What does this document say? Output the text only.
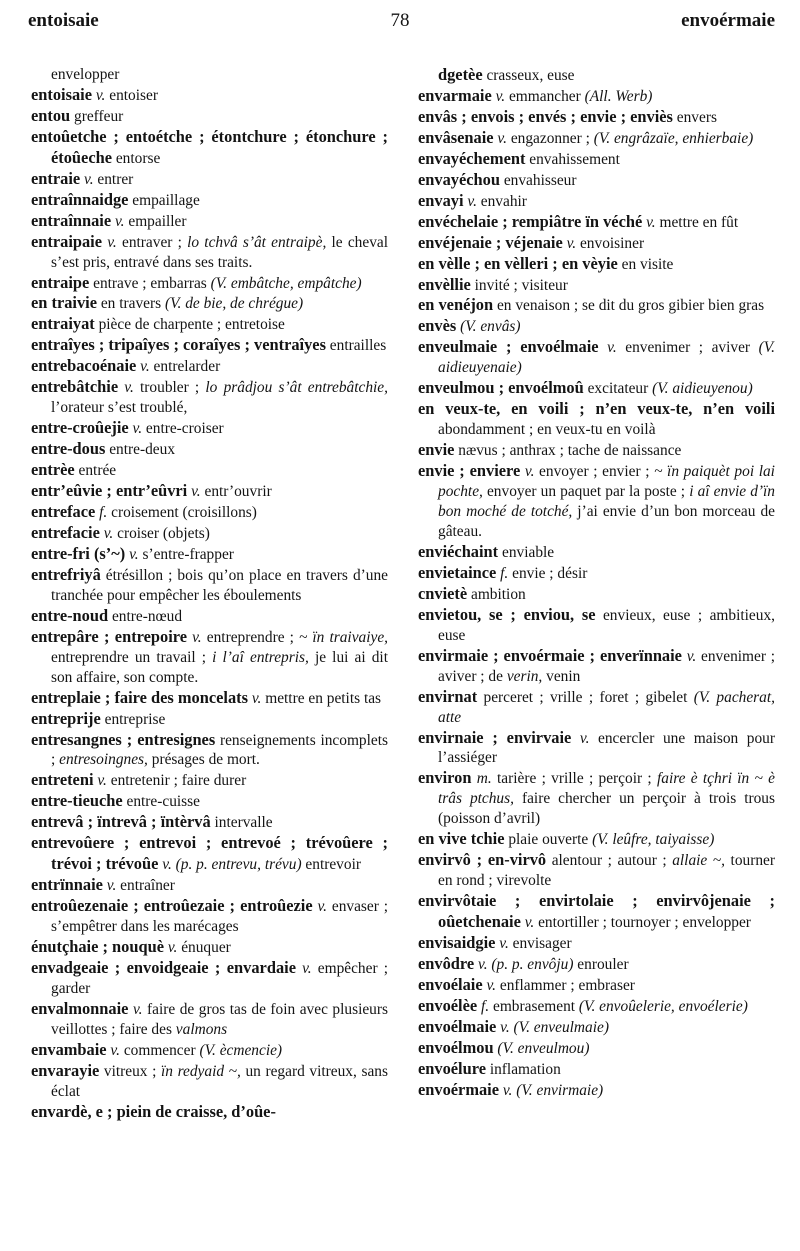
entoisaie	78	envoérmaie

envelopper

entoisaie v. entoiser

entou greffeur

entoûetche ; entoétche ; étontchure ; étonchure ; étoûeche entorse

entraie v. entrer

entraînnaidge empaillage

entraînnaie v. empailler

entraipaie v. entraver ; lo tchvâ s’ât entraipè, le cheval s’est pris, entravé dans ses traits.

entraipe entrave ; embarras (V. embâtche, empâtche)

en traivie en travers (V. de bie, de chrégue)

entraiyat pièce de charpente ; entretoise

entraîyes ; tripaîyes ; coraîyes ; ventraîyes entrailles

entrebacoénaie v. entrelarder

entrebâtchie v. troubler ; lo prâdjou s’ât entrebâtchie, l’orateur s’est troublé,

entre-croûejie v. entre-croiser

entre-dous entre-deux

entrèe entrée

entr’eûvie ; entr’eûvri v. entr’ouvrir

entreface f. croisement (croisillons)

entrefacie v. croiser (objets)

entre-fri (s’~) v. s’entre-frapper

entrefriyâ étrésillon ; bois qu’on place en travers d’une tranchée pour empêcher les éboulements

entre-noud entre-nœud

entrepâre ; entrepoire v. entreprendre ; ~ ïn traivaiye, entreprendre un travail ; i l’aî entrepris, je lui ai dit son affaire, son compte.

entreplaie ; faire des moncelats v. mettre en petits tas

entreprije entreprise

entresangnes ; entresignes renseignements incomplets ; entresoingnes, présages de mort.

entreteni v. entretenir ; faire durer

entre-tieuche entre-cuisse

entrevâ ; ïntrevâ ; ïntèrvâ intervalle

entrevoûere ; entrevoi ; entrevoé ; trévoûere ; trévoi ; trévoûe v. (p. p. entrevu, trévu) entrevoir

entrïnnaie v. entraîner

entroûezenaie ; entroûezaie ; entroûezie v. envaser ; s’empêtrer dans les marécages

énutçhaie ; nouquè v. énuquer

envadgeaie ; envoidgeaie ; envardaie v. empêcher ; garder

envalmonnaie v. faire de gros tas de foin avec plusieurs veillottes ; faire des valmons

envambaie v. commencer (V. ècmencie)

envarayie vitreux ; ïn redyaid ~, un regard vitreux, sans éclat

envardè, e ; piein de craisse, d’oûe-

dgetèe crasseux, euse

envarmaie v. emmancher (All. Werb)

envâs ; envois ; envés ; envie ; enviès envers

envâsenaie v. engazonner ; (V. engrâzaïe, enhierbaie)

envayéchement envahissement

envayéchou envahisseur

envayi v. envahir

envéchelaie ; rempiâtre ïn véché v. mettre en fût

envéjenaie ; véjenaie v. envoisiner

en vèlle ; en vèlleri ; en vèyie en visite

envèllie invité ; visiteur

en venéjon en venaison ; se dit du gros gibier bien gras

envès (V. envâs)

enveulmaie ; envoélmaie v. envenimer ; aviver (V. aidieuyenaie)

enveulmou ; envoélmoû excitateur (V. aidieuyenou)

en veux-te, en voili ; n’en veux-te, n’en voili abondamment ; en veux-tu en voilà

envie nævus ; anthrax ; tache de naissance

envie ; enviere v. envoyer ; envier ; ~ ïn paiquèt poi lai pochte, envoyer un paquet par la poste ; i aî envie d’ïn bon moché de totché, j’ai envie d’un bon morceau de gâteau.

enviéchaint enviable

envietaince f. envie ; désir

cnvietè ambition

envietou, se ; enviou, se envieux, euse ; ambitieux, euse

envirmaie ; envoérmaie ; enverïnnaie v. envenimer ; aviver ; de verin, venin

envirnat perceret ; vrille ; foret ; gibelet (V. pacherat, atte

envirnaie ; envirvaie v. encercler une maison pour l’assiéger

environ m. tarière ; vrille ; perçoir ; faire è tçhri ïn ~ è trâs ptchus, faire chercher un perçoir à trois trous (poisson d’avril)

en vive tchie plaie ouverte (V. leûfre, taiyaisse)

envirvô ; en-virvô alentour ; autour ; allaie ~, tourner en rond ; virevolte

envirvôtaie ; envirtolaie ; envirvôjenaie ; oûetchenaie v. entortiller ; tournoyer ; envelopper

envisaidgie v. envisager

envôdre v. (p. p. envôju) enrouler

envoélaie v. enflammer ; embraser

envoélèe f. embrasement (V. envoûelerie, envoélerie)

envoélmaie v. (V. enveulmaie)

envoélmou (V. enveulmou)

envoélure inflamation

envoérmaie v. (V. envirmaie)
